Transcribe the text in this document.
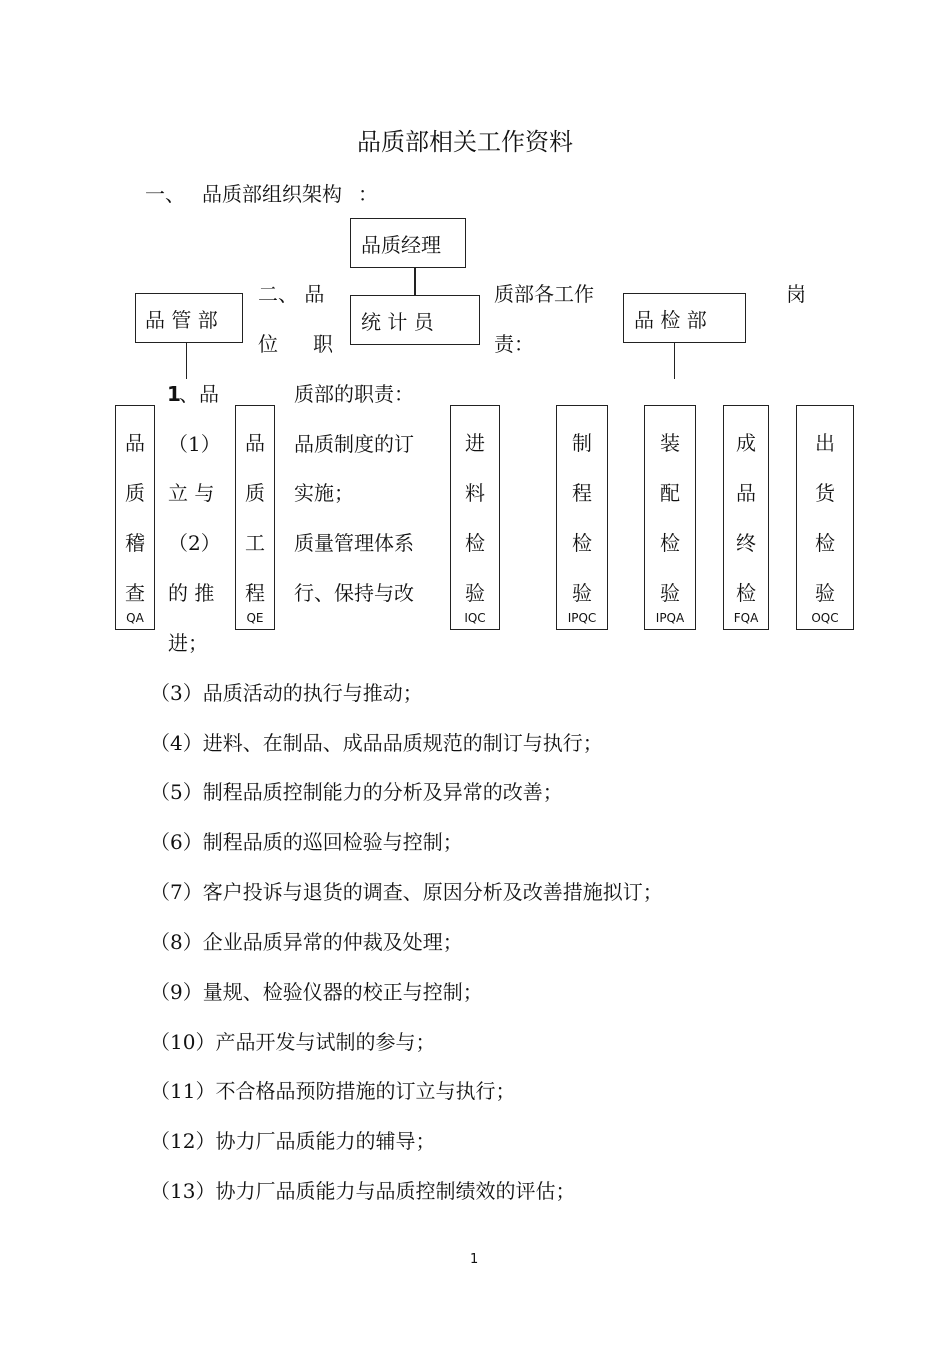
品质部相关工作资料
一、 品质部组织架构 ：
品质经理
品 管 部	统 计 员	品 检 部
品
质
稽
查
QA
品
质
工
程
QE
进
料
检
验
IQC
制
程
检
验
IPQC
装
配
检
验
IPQA
成
品
终
检
FQA
出
货
检
验
OQC
二、 品	质部各工作	岗
位 职	责：
1
、品	质部的职责：
（1）	品质制度的订
立 与	实施；
（2）	质量管理体系
的 推	行、保持与改
进；
（3）品质活动的执行与推动；
（4）进料、在制品、成品品质规范的制订与执行；
（5）制程品质控制能力的分析及异常的改善；
（6）制程品质的巡回检验与控制；
（7）客户投诉与退货的调查、原因分析及改善措施拟订；
（8）企业品质异常的仲裁及处理；
（9）量规、检验仪器的校正与控制；
（10）产品开发与试制的参与；
（11）不合格品预防措施的订立与执行；
（12）协力厂品质能力的辅导；
（13）协力厂品质能力与品质控制绩效的评估；
1
